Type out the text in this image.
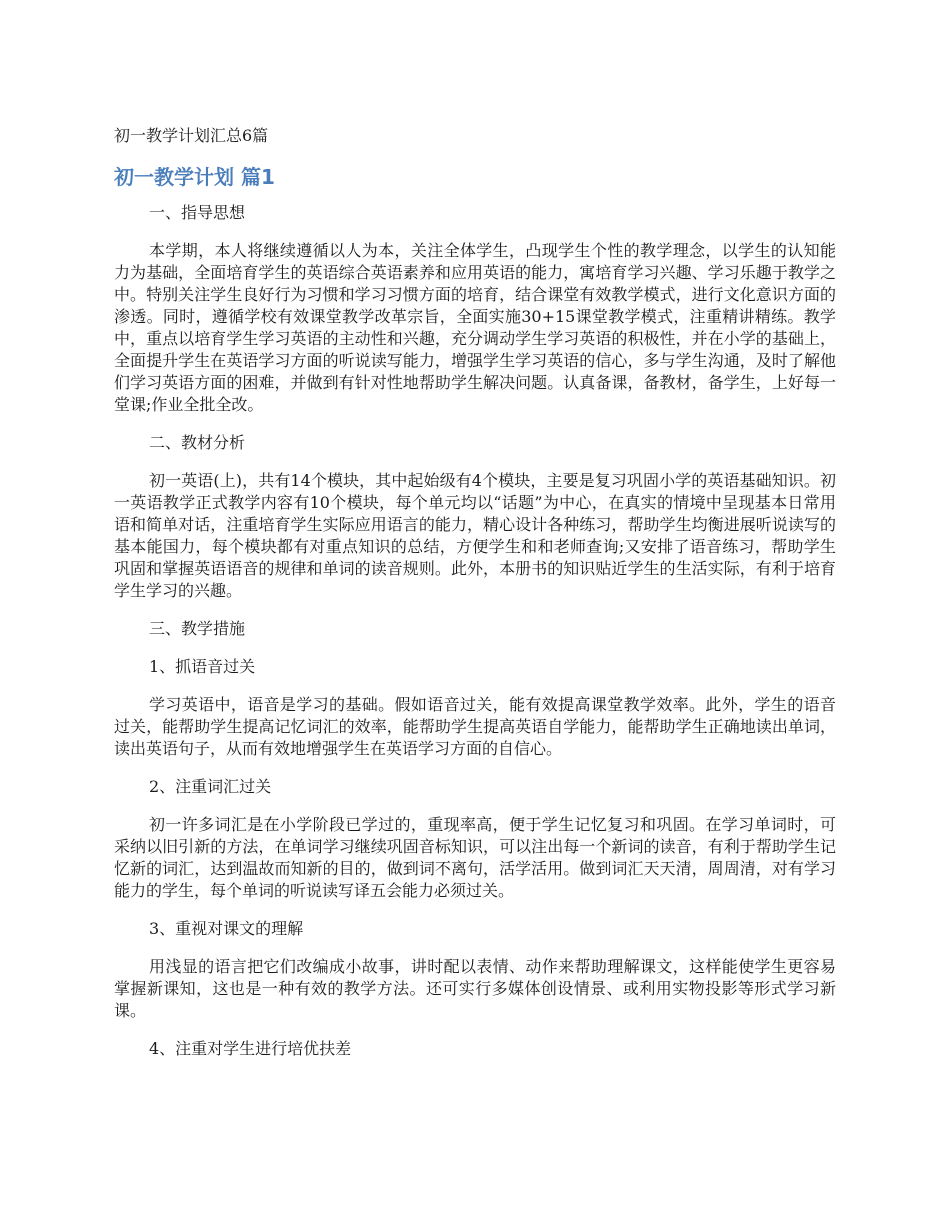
初一教学计划汇总6篇
初一教学计划 篇1

一、指导思想

本学期，本人将继续遵循以人为本，关注全体学生，凸现学生个性的教学理念，以学生的认知能力为基础，全面培育学生的英语综合英语素养和应用英语的能力，寓培育学习兴趣、学习乐趣于教学之中。特别关注学生良好行为习惯和学习习惯方面的培育，结合课堂有效教学模式，进行文化意识方面的渗透。同时，遵循学校有效课堂教学改革宗旨，全面实施30+15课堂教学模式，注重精讲精练。教学中，重点以培育学生学习英语的主动性和兴趣，充分调动学生学习英语的积极性，并在小学的基础上，全面提升学生在英语学习方面的听说读写能力，增强学生学习英语的信心，多与学生沟通，及时了解他们学习英语方面的困难，并做到有针对性地帮助学生解决问题。认真备课，备教材，备学生，上好每一堂课;作业全批全改。

二、教材分析

初一英语(上)，共有14个模块，其中起始级有4个模块，主要是复习巩固小学的英语基础知识。初一英语教学正式教学内容有10个模块，每个单元均以“话题”为中心，在真实的情境中呈现基本日常用语和简单对话，注重培育学生实际应用语言的能力，精心设计各种练习，帮助学生均衡进展听说读写的基本能国力，每个模块都有对重点知识的总结，方便学生和和老师查询;又安排了语音练习，帮助学生巩固和掌握英语语音的规律和单词的读音规则。此外，本册书的知识贴近学生的生活实际，有利于培育学生学习的兴趣。

三、教学措施

1、抓语音过关

学习英语中，语音是学习的基础。假如语音过关，能有效提高课堂教学效率。此外，学生的语音过关，能帮助学生提高记忆词汇的效率，能帮助学生提高英语自学能力，能帮助学生正确地读出单词，读出英语句子，从而有效地增强学生在英语学习方面的自信心。

2、注重词汇过关

初一许多词汇是在小学阶段已学过的，重现率高，便于学生记忆复习和巩固。在学习单词时，可采纳以旧引新的方法，在单词学习继续巩固音标知识，可以注出每一个新词的读音，有利于帮助学生记忆新的词汇，达到温故而知新的目的，做到词不离句，活学活用。做到词汇天天清，周周清，对有学习能力的学生，每个单词的听说读写译五会能力必须过关。

3、重视对课文的理解

用浅显的语言把它们改编成小故事，讲时配以表情、动作来帮助理解课文，这样能使学生更容易掌握新课知，这也是一种有效的教学方法。还可实行多媒体创设情景、或利用实物投影等形式学习新课。

4、注重对学生进行培优扶差
